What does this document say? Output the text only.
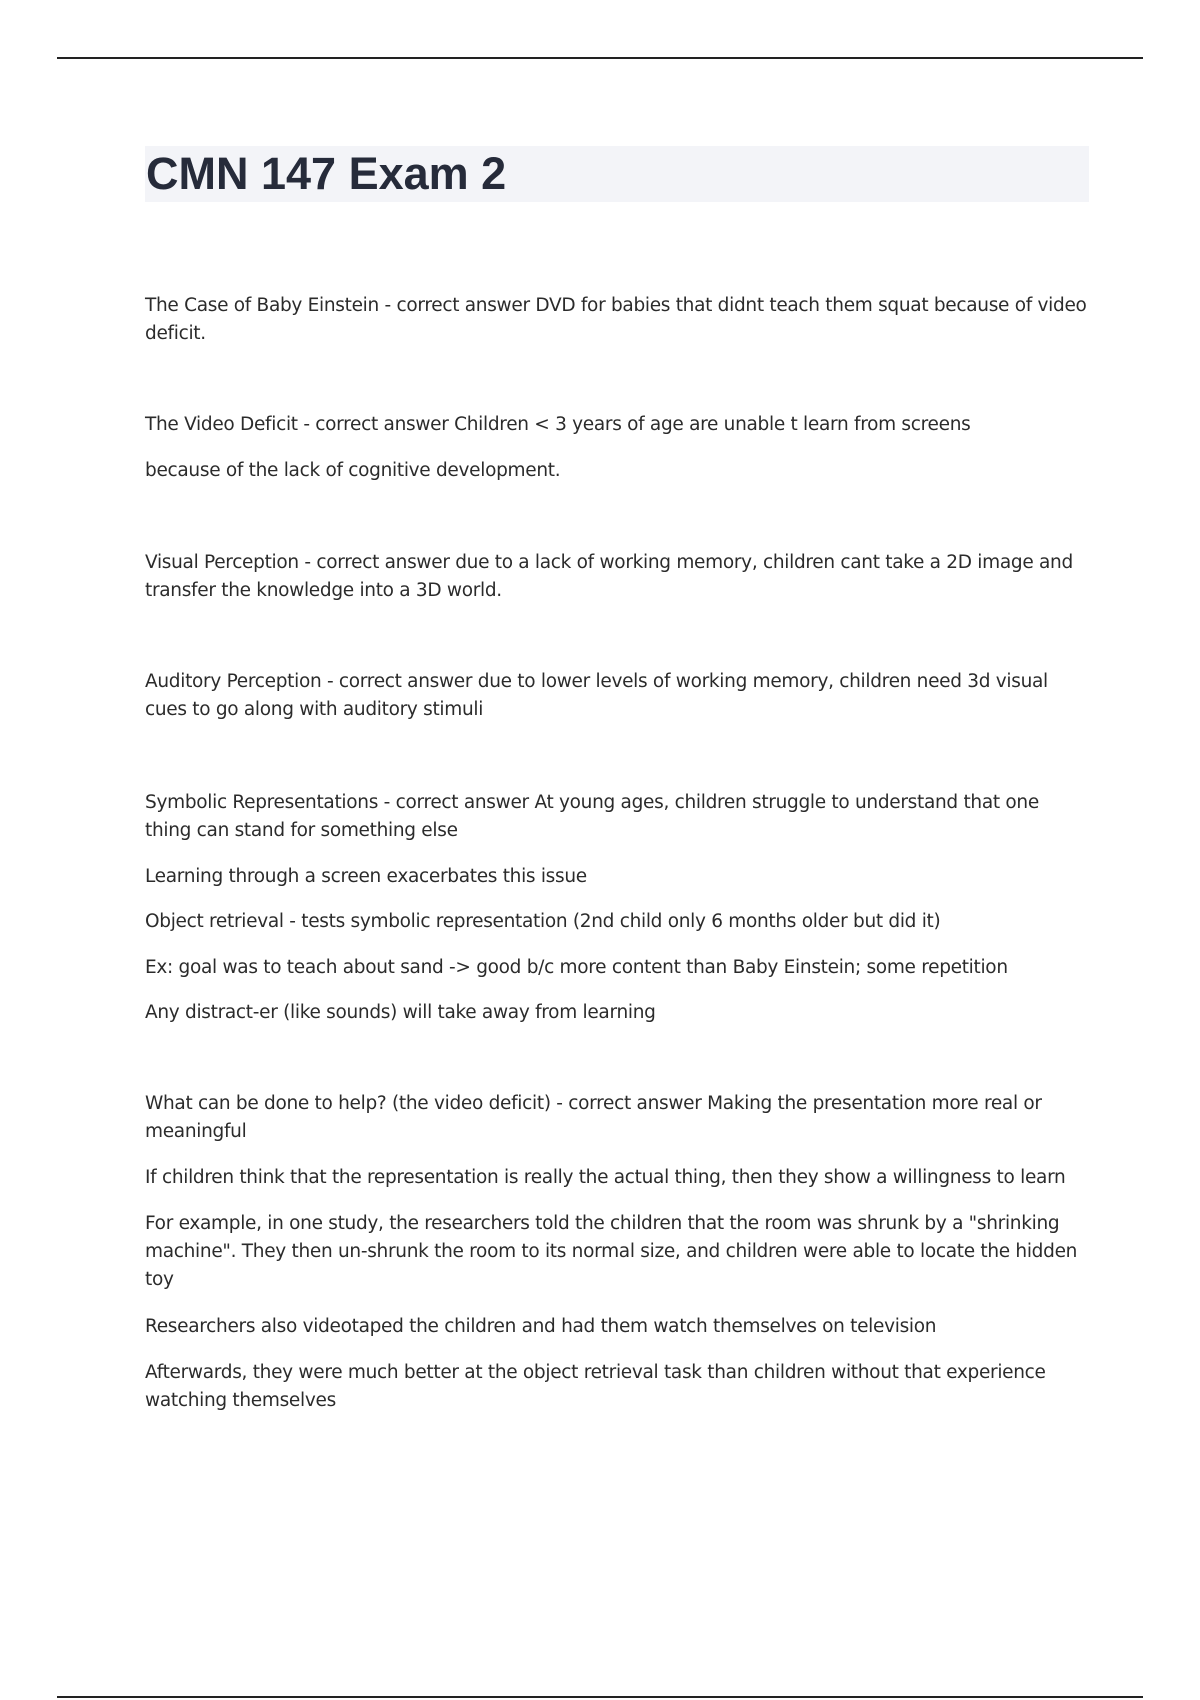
CMN 147 Exam 2

The Case of Baby Einstein - correct answer DVD for babies that didnt teach them squat because of video deficit.

The Video Deficit - correct answer Children < 3 years of age are unable t learn from screens

because of the lack of cognitive development.

Visual Perception - correct answer due to a lack of working memory, children cant take a 2D image and transfer the knowledge into a 3D world.

Auditory Perception - correct answer due to lower levels of working memory, children need 3d visual cues to go along with auditory stimuli

Symbolic Representations - correct answer At young ages, children struggle to understand that one thing can stand for something else

Learning through a screen exacerbates this issue

Object retrieval - tests symbolic representation (2nd child only 6 months older but did it)

Ex: goal was to teach about sand -> good b/c more content than Baby Einstein; some repetition

Any distract-er (like sounds) will take away from learning

What can be done to help? (the video deficit) - correct answer Making the presentation more real or meaningful

If children think that the representation is really the actual thing, then they show a willingness to learn

For example, in one study, the researchers told the children that the room was shrunk by a "shrinking machine". They then un-shrunk the room to its normal size, and children were able to locate the hidden toy

Researchers also videotaped the children and had them watch themselves on television

Afterwards, they were much better at the object retrieval task than children without that experience watching themselves
